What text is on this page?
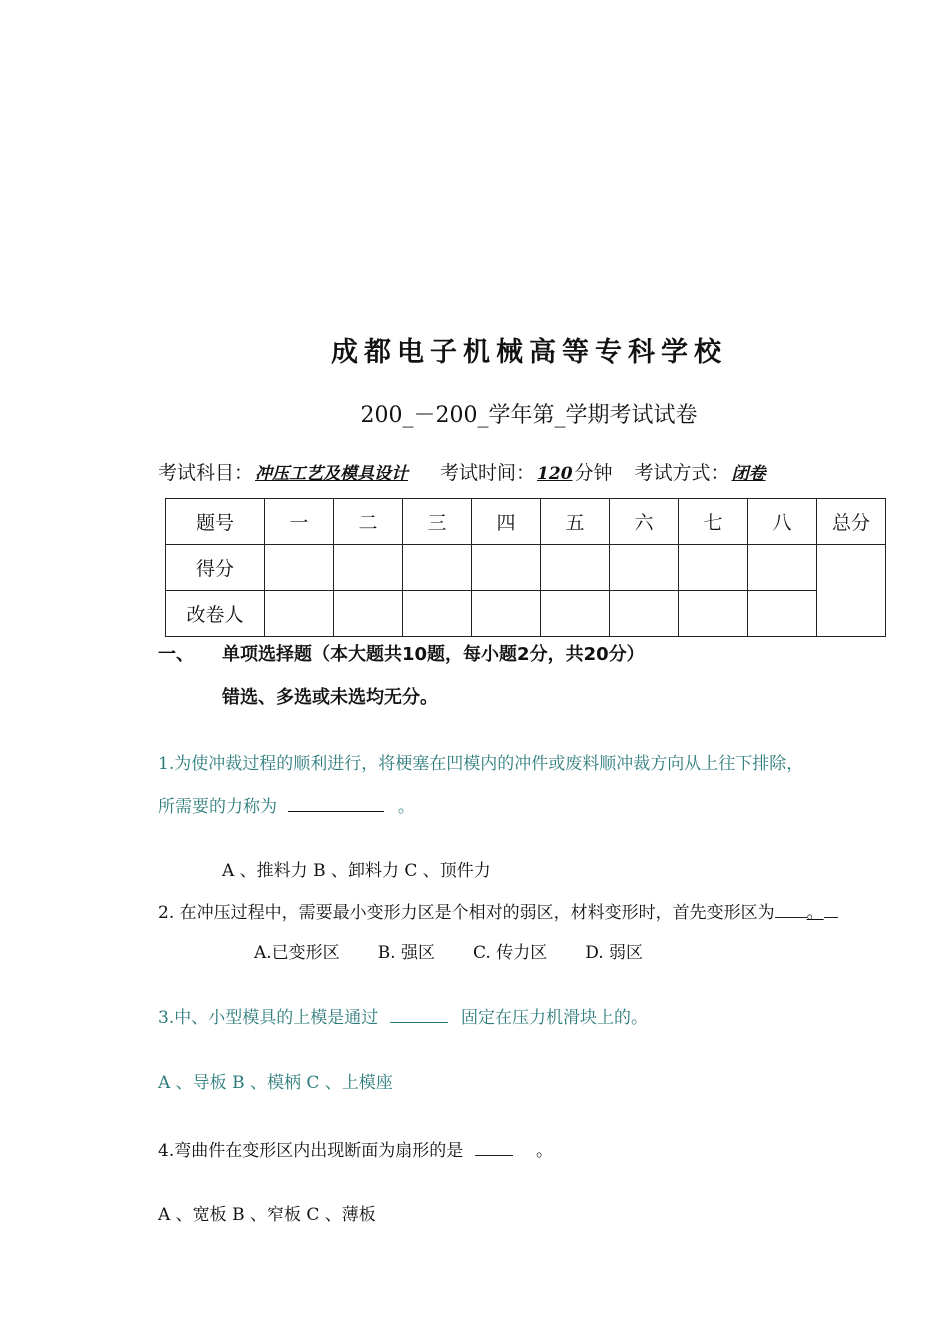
成都电子机械高等专科学校
200_－200_学年第_学期考试试卷
考试科目： 冲压工艺及模具设计 考试时间： 120 分钟 考试方式： 闭卷
题号	一	二	三	四	五	六	七	八	总分
得分									
改卷人									
一、 单项选择题（本大题共10题，每小题2分，共20分）
错选、多选或未选均无分。
1.为使冲裁过程的顺利进行，将梗塞在凹模内的冲件或废料顺冲裁方向从上往下排除，
所需要的力称为	。
A 、推料力 B 、卸料力 C 、顶件力
2. 在冲压过程中，需要最小变形力区是个相对的弱区，材料变形时，首先变形区为 。
A.已变形区 B. 强区 C. 传力区 D. 弱区
3.中、小型模具的上模是通过	固定在压力机滑块上的。
A 、导板 B 、模柄 C 、上模座
4.弯曲件在变形区内出现断面为扇形的是	。
A 、宽板 B 、窄板 C 、薄板
